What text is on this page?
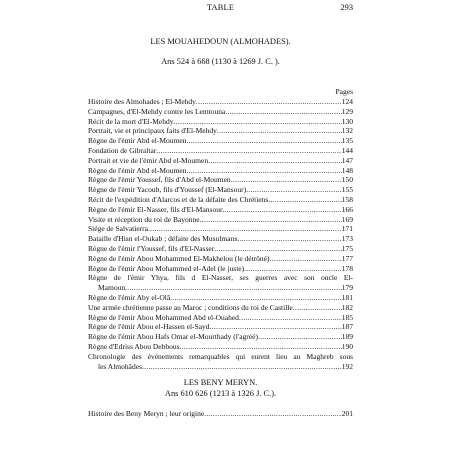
TABLE	293
LES MOUAHEDOUN (ALMOHADES).
Ans 524 à 668 (1130 à 1269 J. C. ).
Pages
Histoire des Almohades ; El-Mehdy .....	124
Campagnes, d'El-Mehdy contre les Lemtouna .....	129
Récit de la mort d'El-Mehdy .....	130
Portrait, vie et principaux faits d'El-Mehdy .....	132
Règne de l'émir Abd el-Moumen .....	135
Fondation de Gibraltar .....	144
Portrait et vie de l'émir Abd el-Moumen .....	147
Règne de l'émir Abd el-Moumen .....	148
Règne de l'émir Youssef, fils d'Abd el-Moumen .....	150
Règne de l'émir Yacoub, fils d'Youssef (El-Mansour) .....	155
Récit de l'expédition d'Alarcos et de la défaite des Chrétiens .....	158
Règne de l'émir El-Nasser, fils d'El-Mansour .....	166
Visite et réception du roi de Bayonne .....	169
Siége de Salvatierra .....	171
Bataille d'Hisn el-Oukab ; défaite des Musulmans .....	173
Règne de l'émir l'Youssef, fils d'El-Nasser .....	175
Règne de l'émir Abou Mohammed El-Makhelou (le détrôné) .....	177
Règne de l'émir Abou Mohammed el-Adel (le juste) .....	178
Règne de l'émir Yhya, fils d El-Nasser, ses guerres avec son oncle El-
Mamoun .....	179
Règne de l'émir Aby el-Olâ .....	181
Une armée chrétienne passe au Maroc ; conditions du roi de Castille .....	182
Règne de l'émir Abou Mohammed Abd el-Ouahed .....	185
Règne de l'émir Abou el-Hassen el-Sayd .....	187
Règne de l'émir Abou Hafs Omar el-Mourthady (l'agréé) .....	189
Règne d'Edriss Abou Debbous .....	190
Chronologie des événements remarquables qui eurent lieu au Maghreb sous
les Almohâdes .....	192
LES BENY MERYN.
Ans 610 626 (1213 à 1326 J. C.).
Histoire des Beny Meryn ; leur origine .....	201
